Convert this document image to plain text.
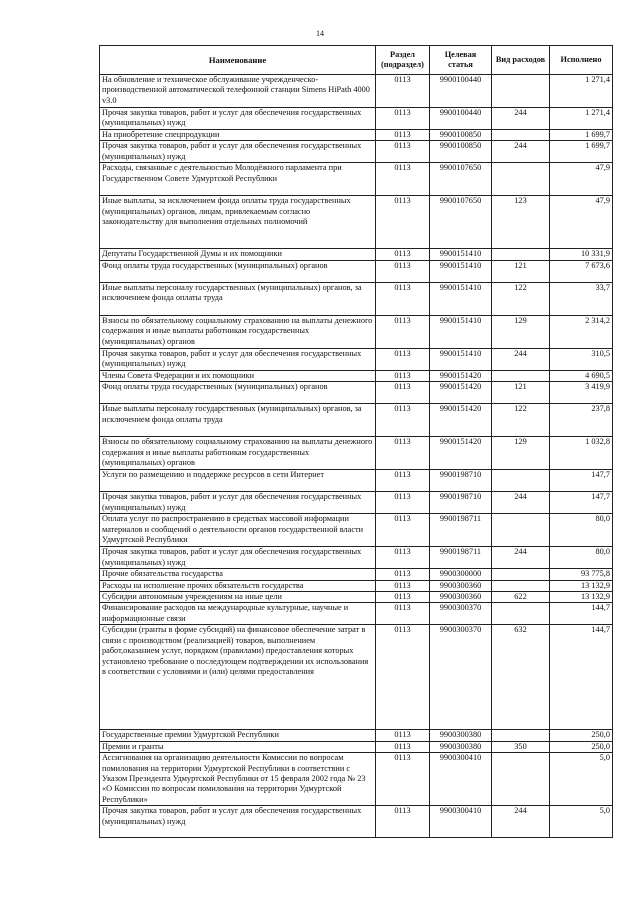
14
Наименование	Раздел (подраздел)	Целевая статья	Вид расходов	Исполнено
На обновление и техническое обслуживание учрежденческо-производственной автоматической телефонной станции Simens HiPath 4000 v3.0	0113	9900100440		1 271,4
Прочая закупка товаров, работ и услуг для обеспечения государственных (муниципальных) нужд	0113	9900100440	244	1 271,4
На приобретение спецпродукции	0113	9900100850		1 699,7
Прочая закупка товаров, работ и услуг для обеспечения государственных (муниципальных) нужд	0113	9900100850	244	1 699,7
Расходы, связанные с деятельностью Молодёжного парламента при Государственном Совете Удмуртской Республики	0113	9900107650		47,9
Иные выплаты, за исключением фонда оплаты труда государственных (муниципальных) органов, лицам, привлекаемым согласно законодательству для выполнения отдельных полномочий	0113	9900107650	123	47,9
Депутаты Государственной Думы и их помощники	0113	9900151410		10 331,9
Фонд оплаты труда государственных (муниципальных) органов	0113	9900151410	121	7 673,6
Иные выплаты персоналу государственных (муниципальных) органов, за исключением фонда оплаты труда	0113	9900151410	122	33,7
Взносы по обязательному социальному страхованию на выплаты денежного содержания и иные выплаты работникам государственных (муниципальных) органов	0113	9900151410	129	2 314,2
Прочая закупка товаров, работ и услуг для обеспечения государственных (муниципальных) нужд	0113	9900151410	244	310,5
Члены Совета Федерации и их помощники	0113	9900151420		4 690,5
Фонд оплаты труда государственных (муниципальных) органов	0113	9900151420	121	3 419,9
Иные выплаты персоналу государственных (муниципальных) органов, за исключением фонда оплаты труда	0113	9900151420	122	237,8
Взносы по обязательному социальному страхованию на выплаты денежного содержания и иные выплаты работникам государственных (муниципальных) органов	0113	9900151420	129	1 032,8
Услуги по размещению и поддержке ресурсов в сети Интернет	0113	9900198710		147,7
Прочая закупка товаров, работ и услуг для обеспечения государственных (муниципальных) нужд	0113	9900198710	244	147,7
Оплата услуг по распространению в средствах массовой информации материалов и сообщений о деятельности органов государственной власти Удмуртской Республики	0113	9900198711		80,0
Прочая закупка товаров, работ и услуг для обеспечения государственных (муниципальных) нужд	0113	9900198711	244	80,0
Прочие обязательства государства	0113	9900300000		93 775,8
Расходы на исполнение прочих обязательств государства	0113	9900300360		13 132,9
Субсидии автономным учреждениям на иные цели	0113	9900300360	622	13 132,9
Финансирование расходов на международные культурные, научные и информационные связи	0113	9900300370		144,7
Субсидии (гранты в форме субсидий) на финансовое обеспечение затрат в связи с производством (реализацией) товаров, выполнением работ,оказанием услуг, порядком (правилами) предоставления которых установлено требование о последующем подтверждении их использования в соответствии с условиями и (или) целями предоставления	0113	9900300370	632	144,7
Государственные премии Удмуртской Республики	0113	9900300380		250,0
Премии и гранты	0113	9900300380	350	250,0
Ассигнования на организацию деятельности Комиссии по вопросам помилования на территории Удмуртской Республики в соответствии с Указом Президента Удмуртской Республики от 15 февраля 2002 года № 23 «О Комиссии по вопросам помилования на территории Удмуртской Республики»	0113	9900300410		5,0
Прочая закупка товаров, работ и услуг для обеспечения государственных (муниципальных) нужд	0113	9900300410	244	5,0
